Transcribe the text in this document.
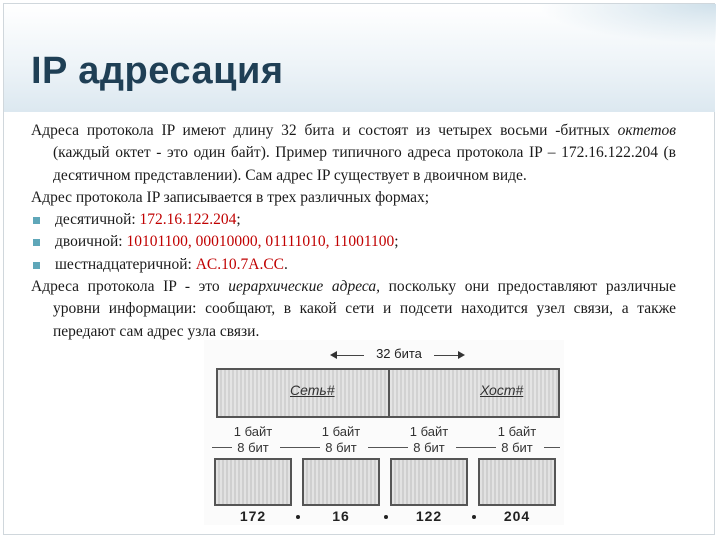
IP адресация
Адреса протокола IP имеют длину 32 бита и состоят из четырех восьми -битных октетов (каждый октет - это один байт). Пример типичного адреса протокола IP – 172.16.122.204 (в десятичном представлении). Сам адрес IP существует в двоичном виде.
Адрес протокола IP записывается в трех различных формах;
десятичной: 172.16.122.204;
двоичной: 10101100, 00010000, 01111010, 11001100;
шестнадцатеричной: AC.10.7A.CC.
Адреса протокола IP - это иерархические адреса, поскольку они предоставляют различные уровни информации: сообщают, в какой сети и подсети находится узел связи, а также передают сам адрес узла связи.
32 бита
Сеть#	Хост#
1 байт	1 байт	1 байт	1 байт
8 бит	8 бит	8 бит	8 бит
172	16	122	204
